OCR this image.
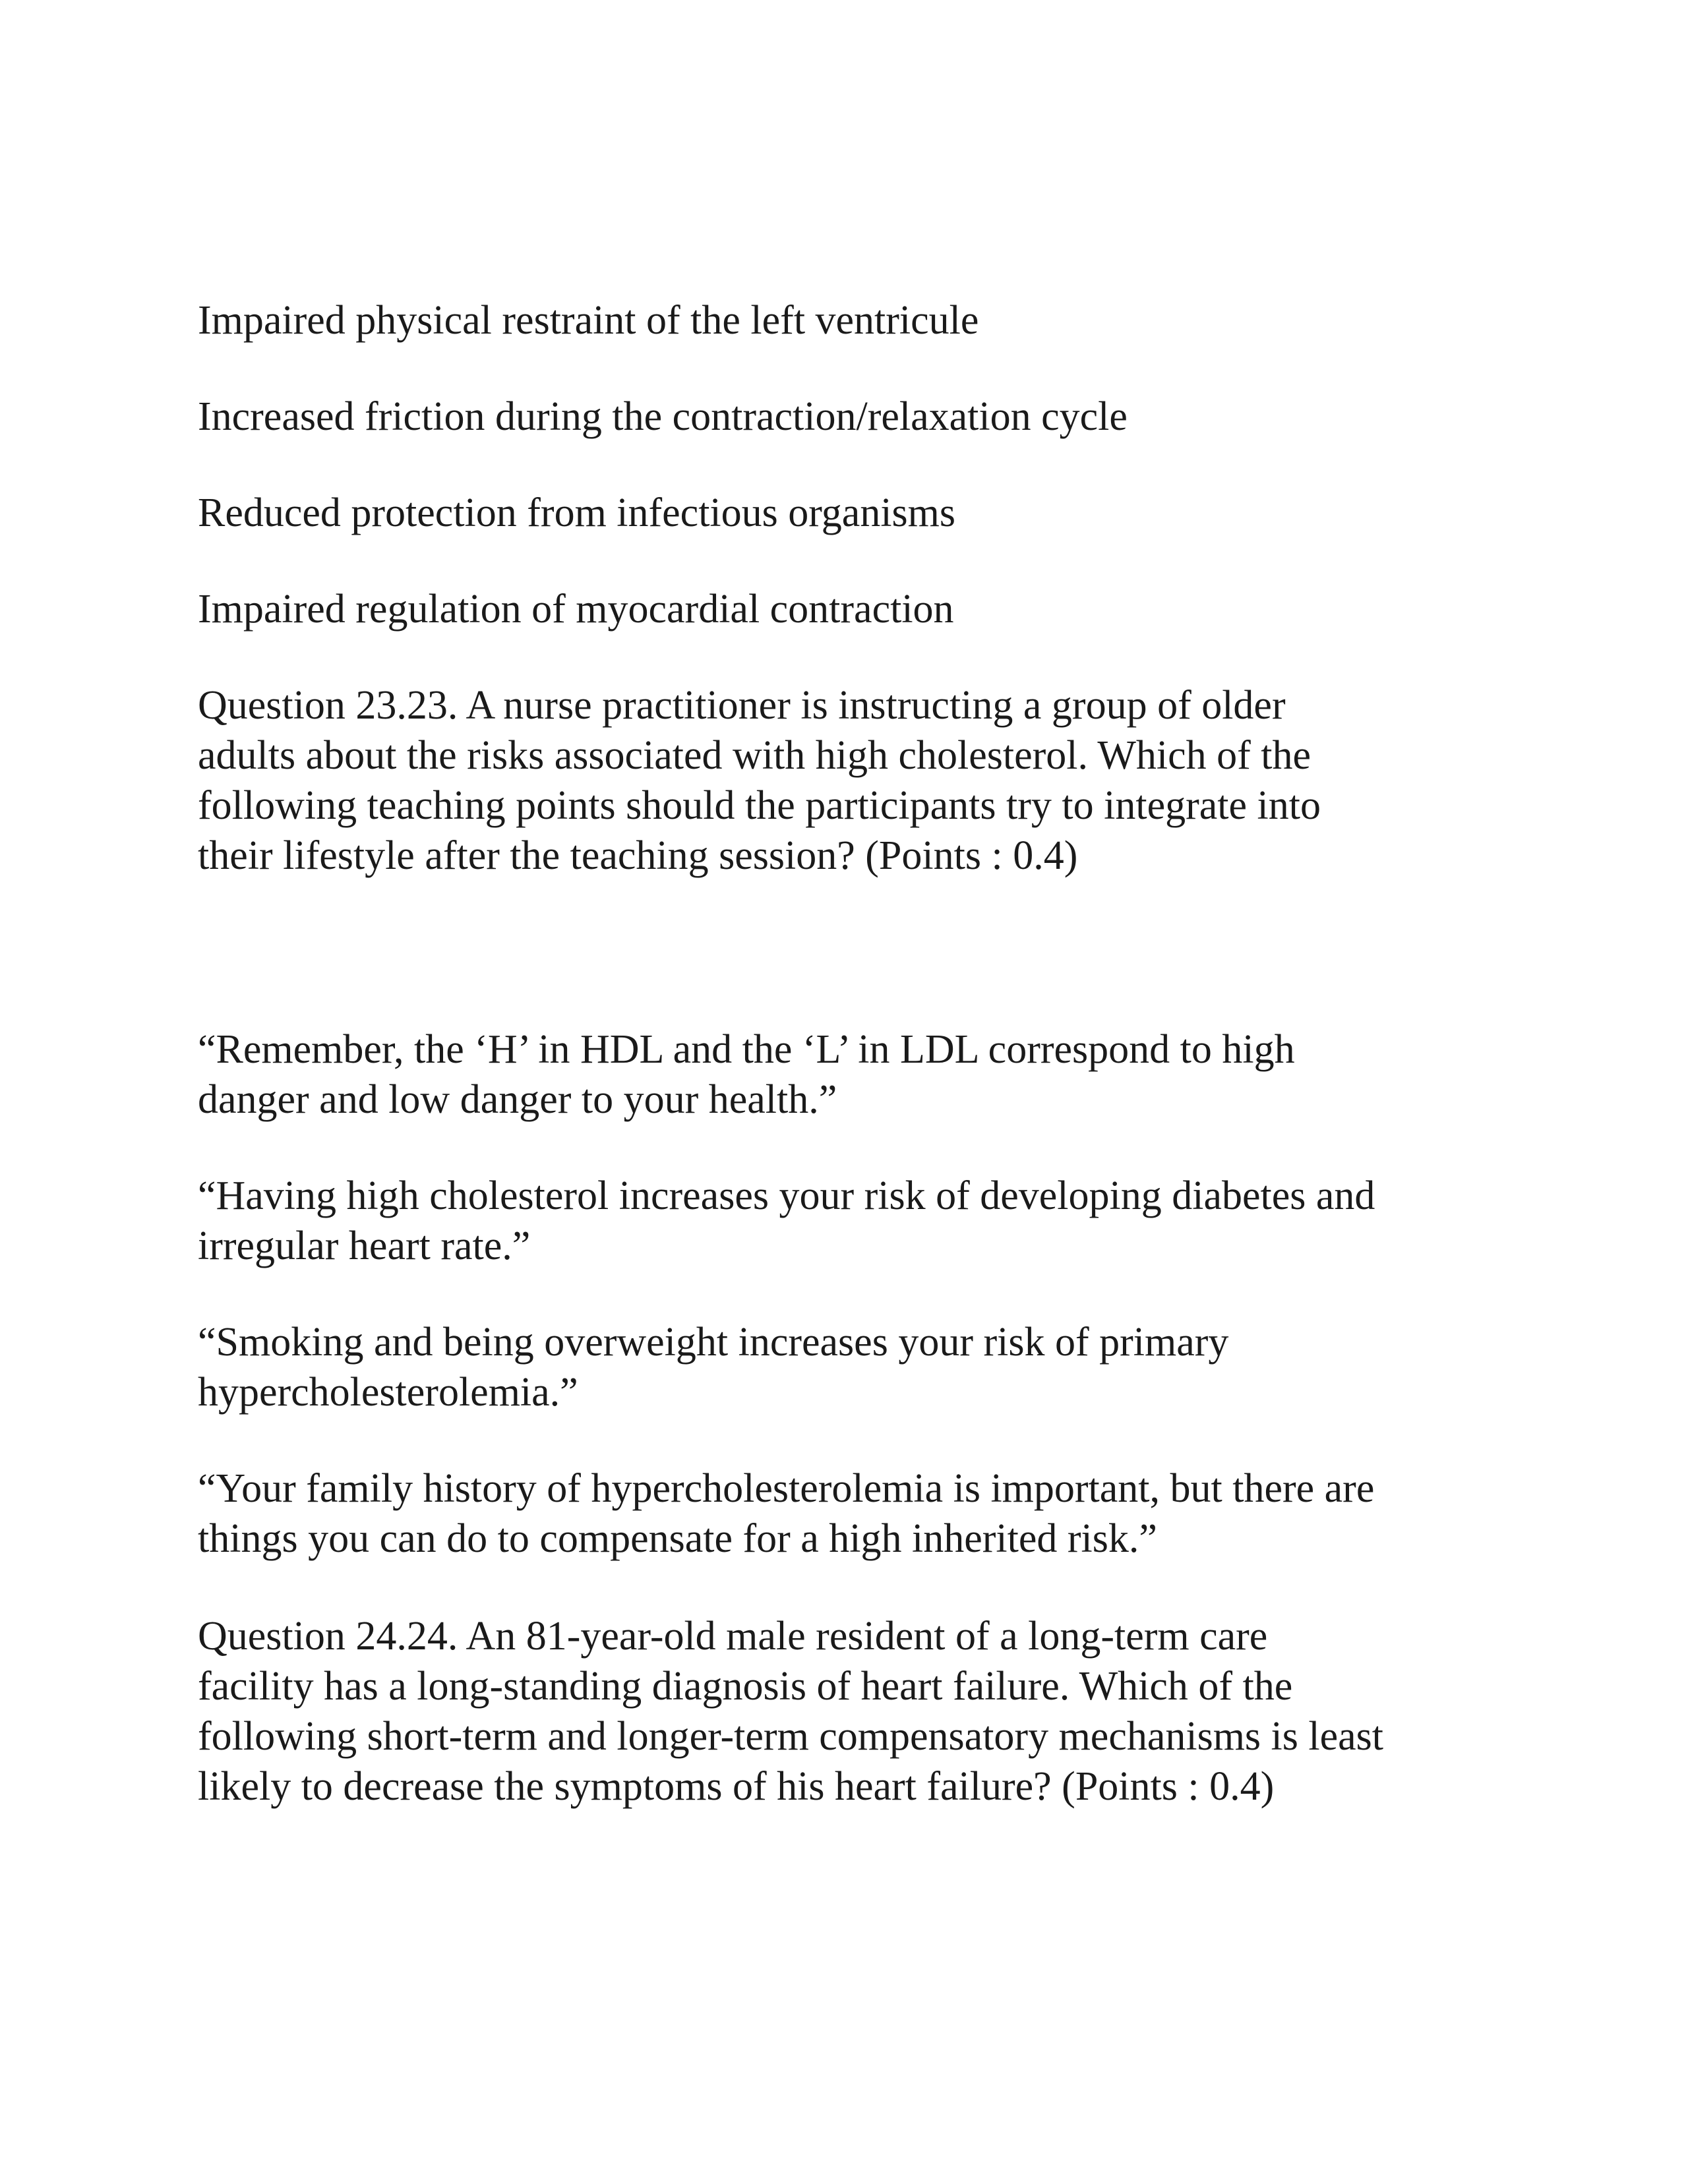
Impaired physical restraint of the left ventricule

Increased friction during the contraction/relaxation cycle

Reduced protection from infectious organisms

Impaired regulation of myocardial contraction

Question 23.23. A nurse practitioner is instructing a group of older
adults about the risks associated with high cholesterol. Which of the
following teaching points should the participants try to integrate into
their lifestyle after the teaching session? (Points : 0.4)

“Remember, the ‘H’ in HDL and the ‘L’ in LDL correspond to high
danger and low danger to your health.”

“Having high cholesterol increases your risk of developing diabetes and
irregular heart rate.”

“Smoking and being overweight increases your risk of primary
hypercholesterolemia.”

“Your family history of hypercholesterolemia is important, but there are
things you can do to compensate for a high inherited risk.”

Question 24.24. An 81-year-old male resident of a long-term care
facility has a long-standing diagnosis of heart failure. Which of the
following short-term and longer-term compensatory mechanisms is least
likely to decrease the symptoms of his heart failure? (Points : 0.4)
